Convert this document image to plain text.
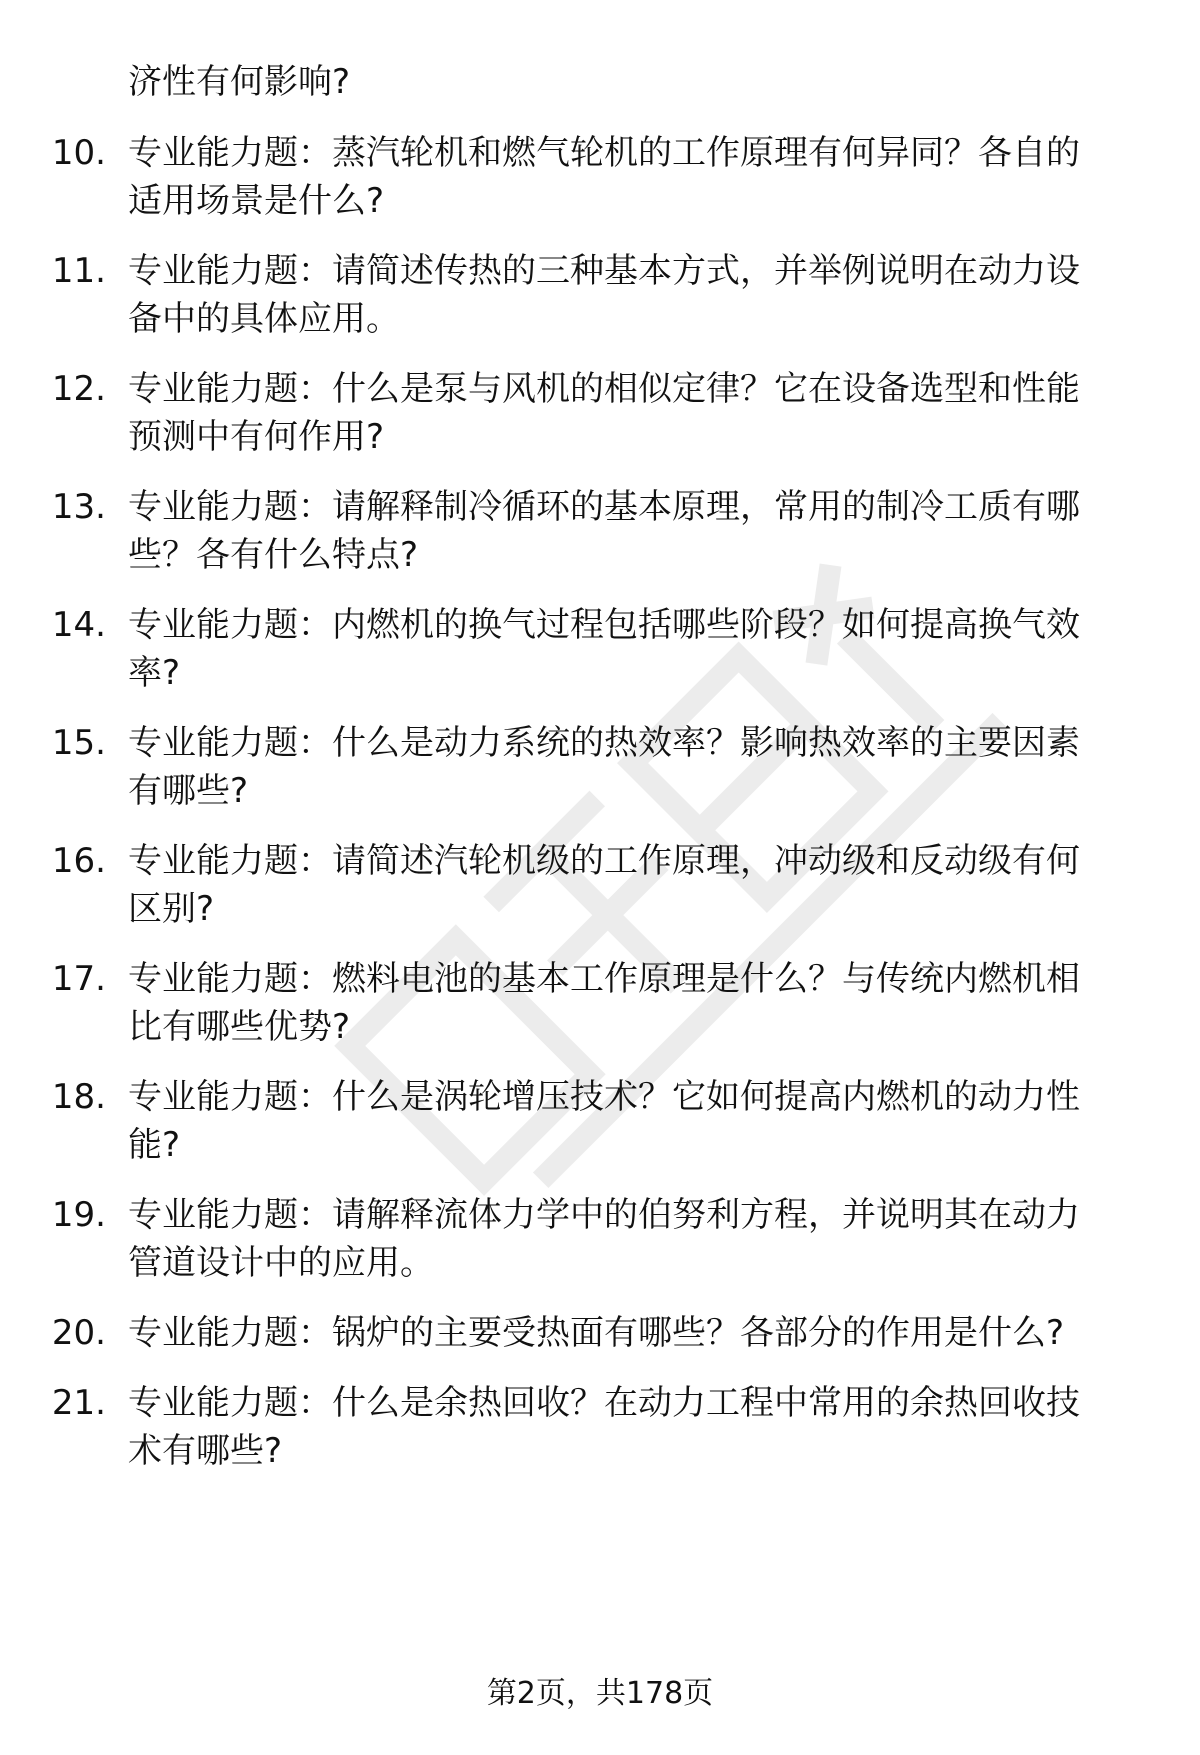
济性有何影响?
10. 专业能力题：蒸汽轮机和燃气轮机的工作原理有何异同？各自的
适用场景是什么?
11. 专业能力题：请简述传热的三种基本方式，并举例说明在动力设
备中的具体应用。
12. 专业能力题：什么是泵与风机的相似定律？它在设备选型和性能
预测中有何作用?
13. 专业能力题：请解释制冷循环的基本原理，常用的制冷工质有哪
些？各有什么特点?
14. 专业能力题：内燃机的换气过程包括哪些阶段？如何提高换气效
率?
15. 专业能力题：什么是动力系统的热效率？影响热效率的主要因素
有哪些?
16. 专业能力题：请简述汽轮机级的工作原理，冲动级和反动级有何
区别?
17. 专业能力题：燃料电池的基本工作原理是什么？与传统内燃机相
比有哪些优势?
18. 专业能力题：什么是涡轮增压技术？它如何提高内燃机的动力性
能?
19. 专业能力题：请解释流体力学中的伯努利方程，并说明其在动力
管道设计中的应用。
20. 专业能力题：锅炉的主要受热面有哪些？各部分的作用是什么?
21. 专业能力题：什么是余热回收？在动力工程中常用的余热回收技
术有哪些?
第2页，共178页
